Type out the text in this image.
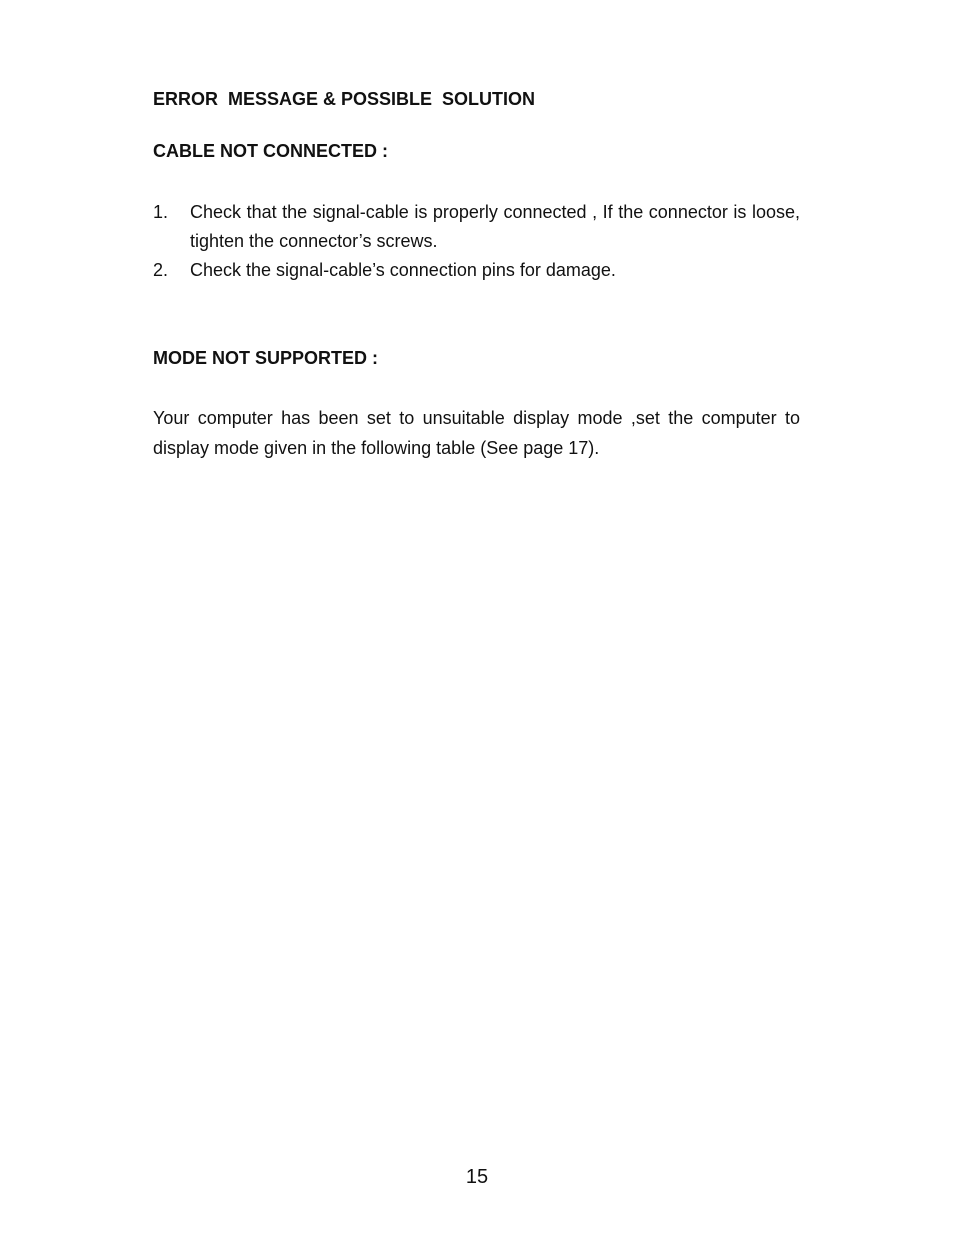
ERROR  MESSAGE & POSSIBLE  SOLUTION
CABLE NOT CONNECTED :
1.	Check that the signal-cable is properly connected , If the connector is loose, tighten the connector’s screws.
2.	Check the signal-cable’s connection pins for damage.
MODE NOT SUPPORTED :

Your computer has been set to unsuitable display mode ,set the computer to display mode given in the following table (See page 17).

15
